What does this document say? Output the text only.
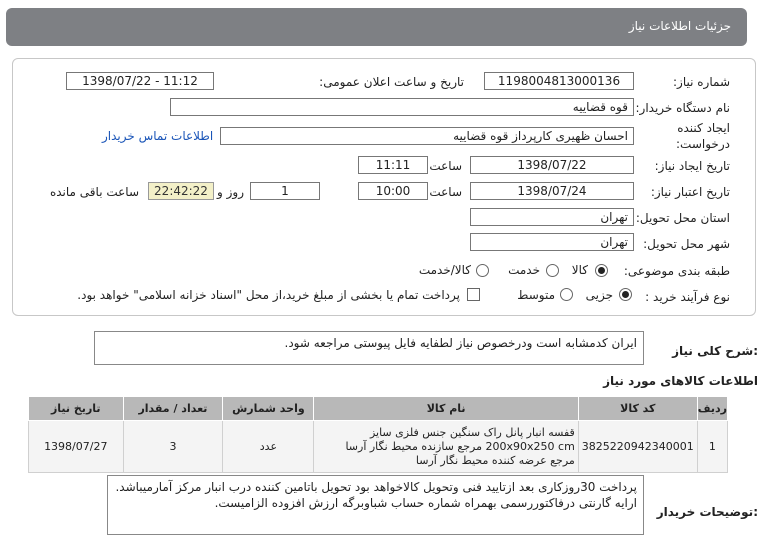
جزئیات اطلاعات نیاز
شماره نیاز:
1198004813000136
تاریخ و ساعت اعلان عمومی:
1398/07/22 - 11:12
نام دستگاه خریدار:
قوه قضاییه
ایجاد کننده
درخواست:
احسان ظهیری کارپرداز قوه قضاییه
اطلاعات تماس خریدار
تاریخ ایجاد نیاز:
1398/07/22
ساعت
11:11
تاریخ اعتبار نیاز:
1398/07/24
ساعت
10:00
1
روز و
22:42:22
ساعت باقی مانده
استان محل تحویل:
تهران
شهر محل تحویل:
تهران
طبقه بندی موضوعی:
کالا
خدمت
کالا/خدمت
نوع فرآیند خرید :
جزیی
متوسط
پرداخت تمام یا بخشی از مبلغ خرید،از محل "اسناد خزانه اسلامی" خواهد بود.
شرح کلی نیاز:
ایران کدمشابه است ودرخصوص نیاز لطفایه فایل پیوستی مراجعه شود.
اطلاعات کالاهای مورد نیاز
ردیف	کد کالا	نام کالا	واحد شمارش	تعداد / مقدار	تاریخ نیاز
1	3825220942340001	قفسه انبار پانل راک سنگین جنس فلزی سایز 200x90x250 cm مرجع سازنده محیط نگار آرسا مرجع عرضه کننده محیط نگار آرسا	عدد	3	1398/07/27
توضیحات خریدار:
پرداخت 30روزکاری بعد ازتایید فنی وتحویل کالاخواهد بود تحویل باتامین کننده درب انبار مرکز آمارمیباشد.
ارایه گارنتی درفاکتوررسمی بهمراه شماره حساب شباوبرگه ارزش افزوده الزامیست.
